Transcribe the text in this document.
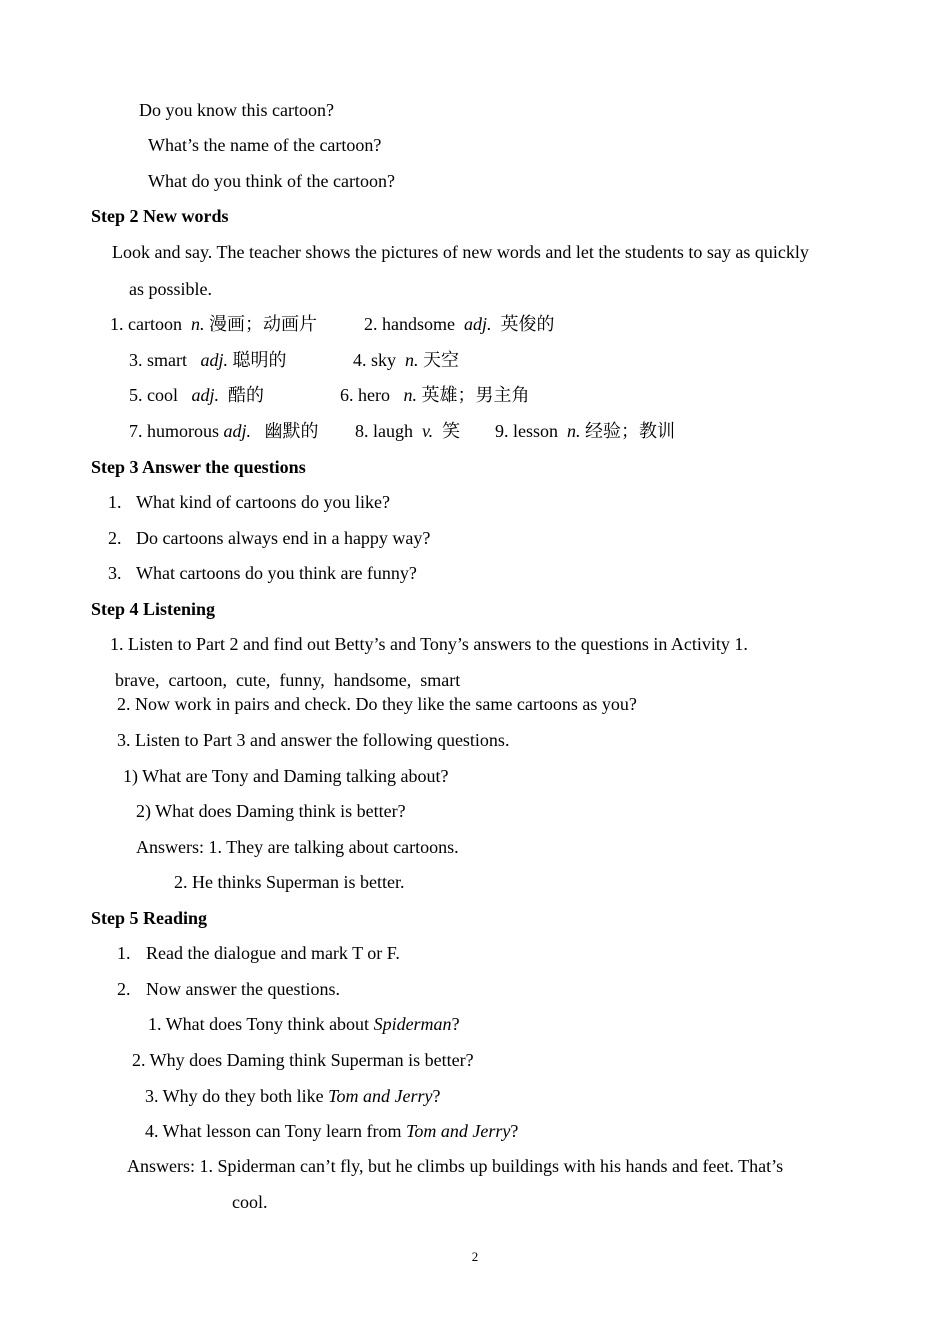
Do you know this cartoon?
What’s the name of the cartoon?
What do you think of the cartoon?
Step 2 New words
Look and say. The teacher shows the pictures of new words and let the students to say as quickly
as possible.
1. cartoon n. 漫画；动画片	2. handsome adj. 英俊的
3. smart adj. 聪明的	4. sky n. 天空
5. cool adj. 酷的	6. hero n. 英雄；男主角
7. humorous adj. 幽默的 8. laugh v. 笑 9. lesson n. 经验；教训
Step 3 Answer the questions
1. What kind of cartoons do you like?
2. Do cartoons always end in a happy way?
3. What cartoons do you think are funny?
Step 4 Listening
1. Listen to Part 2 and find out Betty’s and Tony’s answers to the questions in Activity 1.
brave,  cartoon,  cute,  funny,  handsome,  smart
2. Now work in pairs and check. Do they like the same cartoons as you?
3. Listen to Part 3 and answer the following questions.
1) What are Tony and Daming talking about?
2) What does Daming think is better?
Answers: 1. They are talking about cartoons.
2. He thinks Superman is better.
Step 5 Reading
1. Read the dialogue and mark T or F.
2. Now answer the questions.
1. What does Tony think about Spiderman?
2. Why does Daming think Superman is better?
3. Why do they both like Tom and Jerry?
4. What lesson can Tony learn from Tom and Jerry?
Answers: 1. Spiderman can’t fly, but he climbs up buildings with his hands and feet. That’s
cool.
2
